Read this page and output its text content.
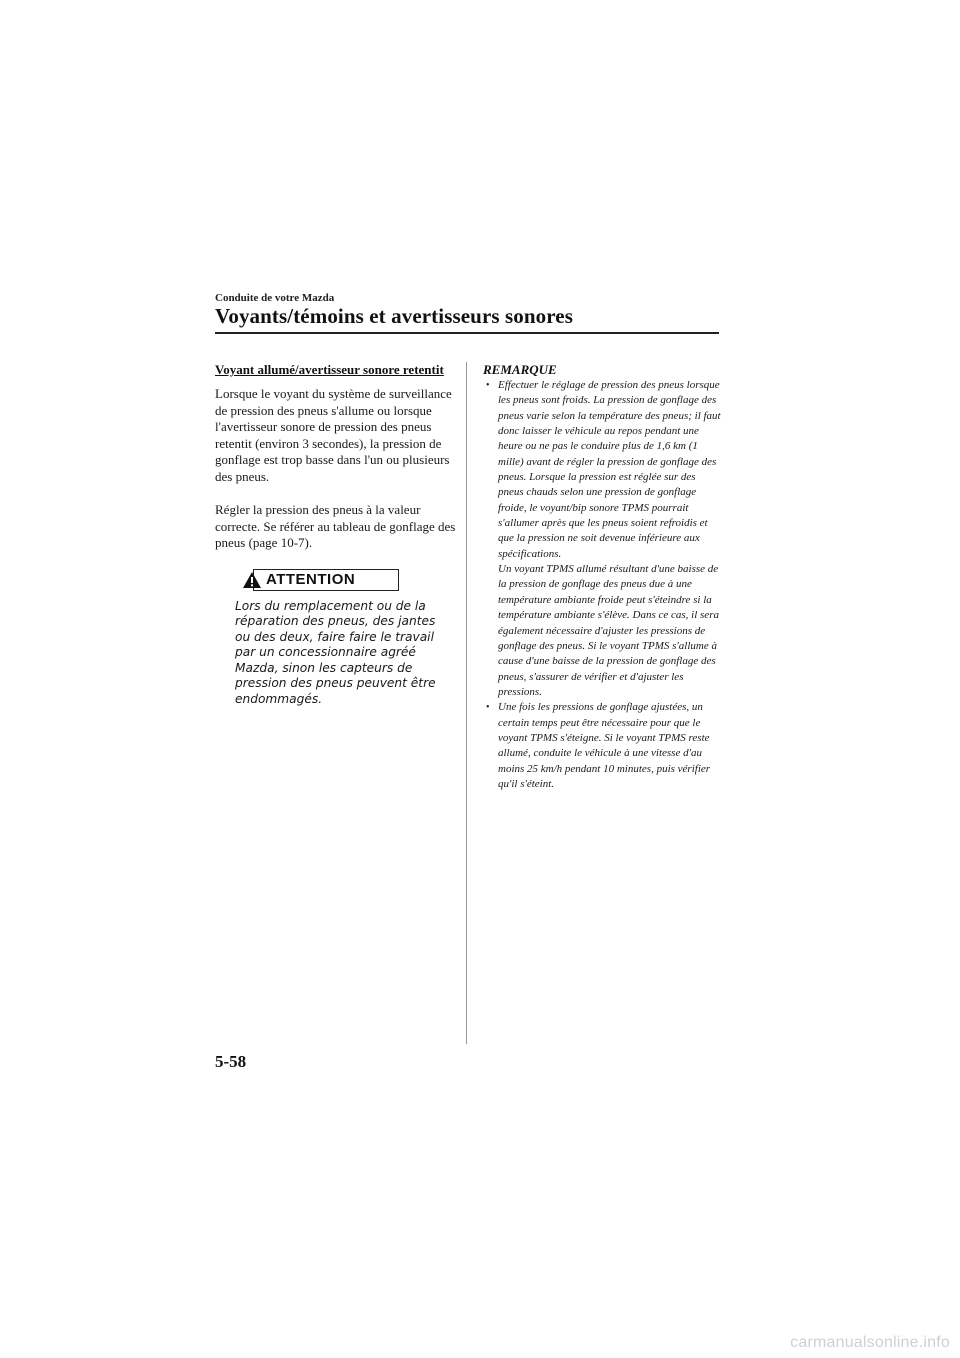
Conduite de votre Mazda
Voyants/témoins et avertisseurs sonores
Voyant allumé/avertisseur sonore retentit

Lorsque le voyant du système de surveillance de pression des pneus s'allume ou lorsque l'avertisseur sonore de pression des pneus retentit (environ 3 secondes), la pression de gonflage est trop basse dans l'un ou plusieurs des pneus.

Régler la pression des pneus à la valeur correcte. Se référer au tableau de gonflage des pneus (page 10-7).

ATTENTION

Lors du remplacement ou de la réparation des pneus, des jantes ou des deux, faire faire le travail par un concessionnaire agréé Mazda, sinon les capteurs de pression des pneus peuvent être endommagés.

REMARQUE
• Effectuer le réglage de pression des pneus lorsque les pneus sont froids. La pression de gonflage des pneus varie selon la température des pneus; il faut donc laisser le véhicule au repos pendant une heure ou ne pas le conduire plus de 1,6 km (1 mille) avant de régler la pression de gonflage des pneus. Lorsque la pression est réglée sur des pneus chauds selon une pression de gonflage froide, le voyant/bip sonore TPMS pourrait s'allumer après que les pneus soient refroidis et que la pression ne soit devenue inférieure aux spécifications.
Un voyant TPMS allumé résultant d'une baisse de la pression de gonflage des pneus due à une température ambiante froide peut s'éteindre si la température ambiante s'élève. Dans ce cas, il sera également nécessaire d'ajuster les pressions de gonflage des pneus. Si le voyant TPMS s'allume à cause d'une baisse de la pression de gonflage des pneus, s'assurer de vérifier et d'ajuster les pressions.
• Une fois les pressions de gonflage ajustées, un certain temps peut être nécessaire pour que le voyant TPMS s'éteigne. Si le voyant TPMS reste allumé, conduite le véhicule à une vitesse d'au moins 25 km/h pendant 10 minutes, puis vérifier qu'il s'éteint.
5-58
carmanualsonline.info
